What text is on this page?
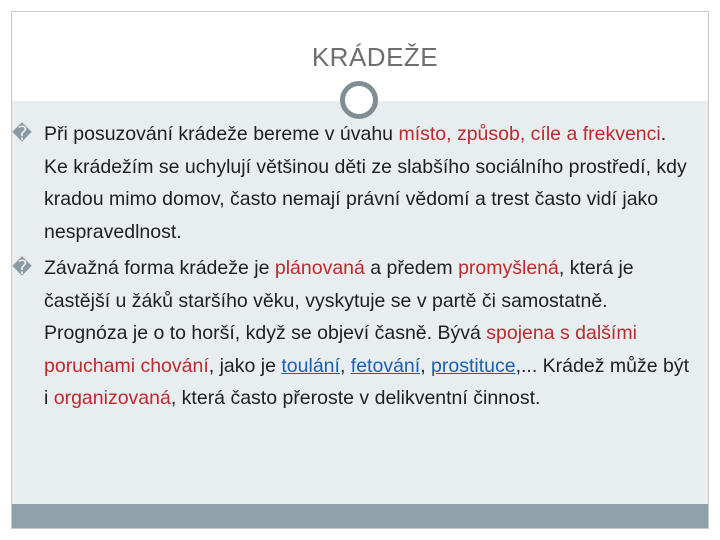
KRÁDEŽE

� Při posuzování krádeže bereme v úvahu místo, způsob, cíle a frekvenci. Ke krádežím se uchylují většinou děti ze slabšího sociálního prostředí, kdy kradou mimo domov, často nemají právní vědomí a trest často vidí jako nespravedlnost.

� Závažná forma krádeže je plánovaná a předem promyšlená, která je častější u žáků staršího věku, vyskytuje se v partě či samostatně. Prognóza je o to horší, když se objeví časně. Bývá spojena s dalšími poruchami chování, jako je toulání, fetování, prostituce,... Krádež může být i organizovaná, která často přeroste v delikventní činnost.
